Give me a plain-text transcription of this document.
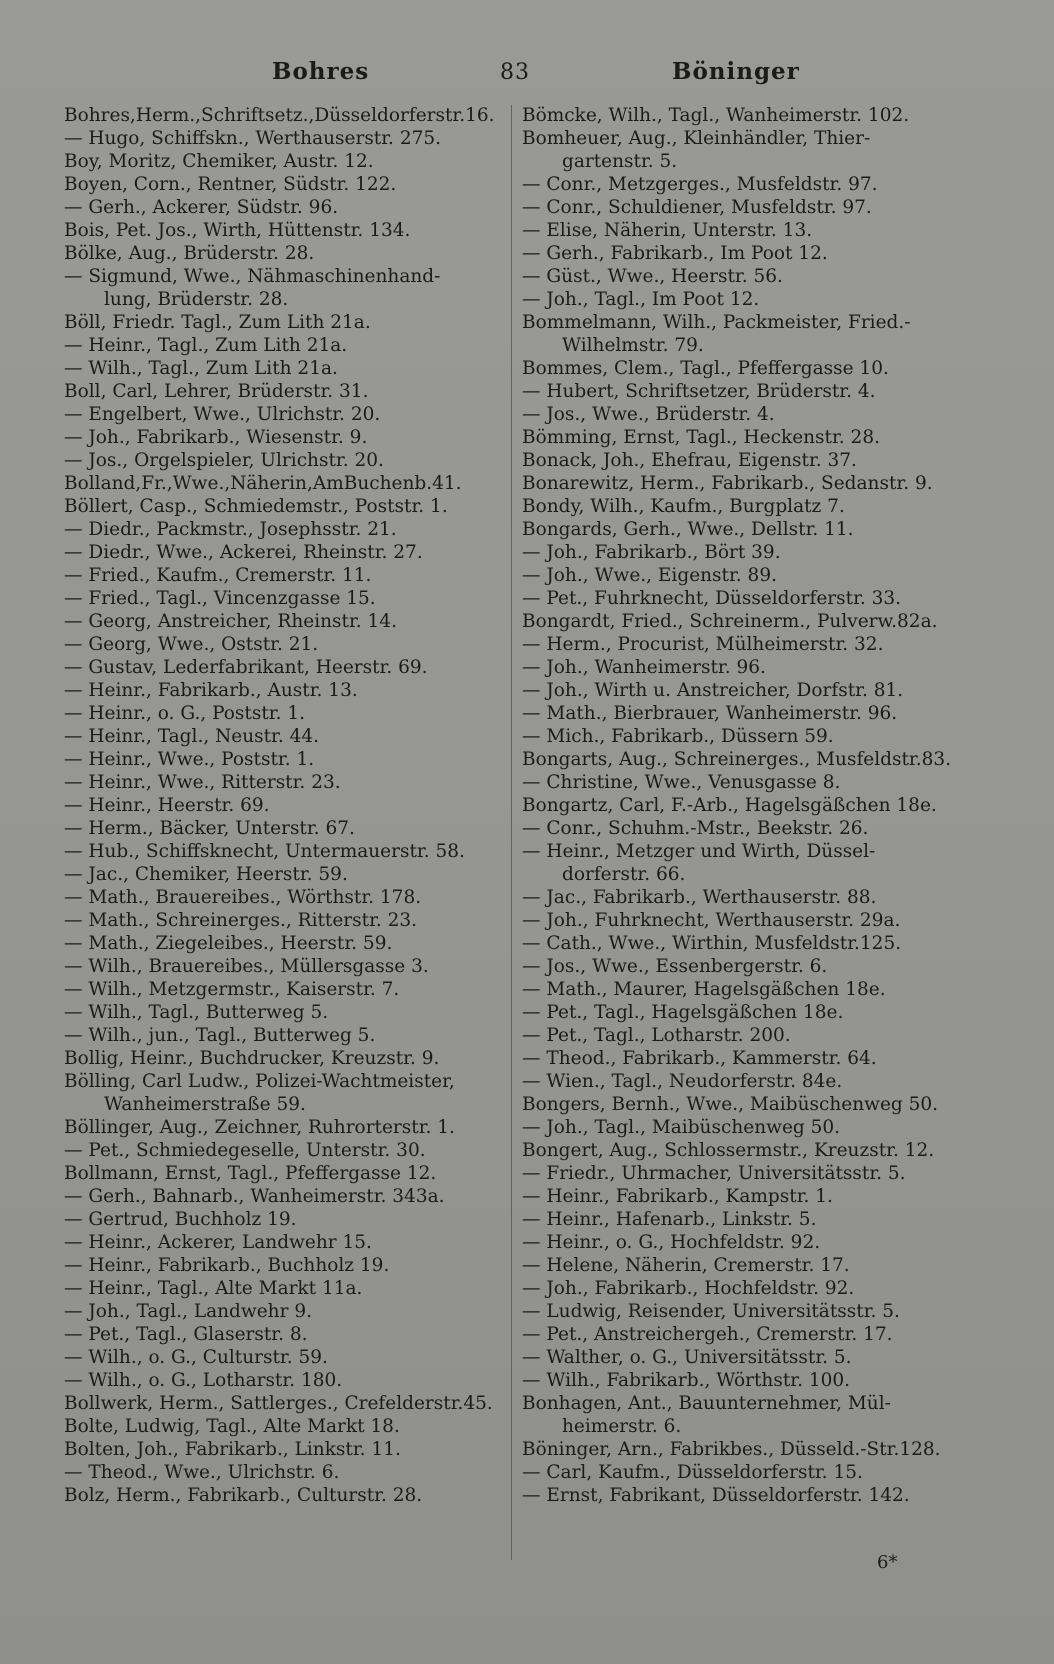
Bohres	83	Böninger
Bohres,Herm.,Schriftsetz.,Düsseldorferstr.16.
— Hugo, Schiffskn., Werthauserstr. 275.
Boy, Moritz, Chemiker, Austr. 12.
Boyen, Corn., Rentner, Südstr. 122.
— Gerh., Ackerer, Südstr. 96.
Bois, Pet. Jos., Wirth, Hüttenstr. 134.
Bölke, Aug., Brüderstr. 28.
— Sigmund, Wwe., Nähmaschinenhand-
lung, Brüderstr. 28.
Böll, Friedr. Tagl., Zum Lith 21a.
— Heinr., Tagl., Zum Lith 21a.
— Wilh., Tagl., Zum Lith 21a.
Boll, Carl, Lehrer, Brüderstr. 31.
— Engelbert, Wwe., Ulrichstr. 20.
— Joh., Fabrikarb., Wiesenstr. 9.
— Jos., Orgelspieler, Ulrichstr. 20.
Bolland,Fr.,Wwe.,Näherin,AmBuchenb.41.
Böllert, Casp., Schmiedemstr., Poststr. 1.
— Diedr., Packmstr., Josephsstr. 21.
— Diedr., Wwe., Ackerei, Rheinstr. 27.
— Fried., Kaufm., Cremerstr. 11.
— Fried., Tagl., Vincenzgasse 15.
— Georg, Anstreicher, Rheinstr. 14.
— Georg, Wwe., Oststr. 21.
— Gustav, Lederfabrikant, Heerstr. 69.
— Heinr., Fabrikarb., Austr. 13.
— Heinr., o. G., Poststr. 1.
— Heinr., Tagl., Neustr. 44.
— Heinr., Wwe., Poststr. 1.
— Heinr., Wwe., Ritterstr. 23.
— Heinr., Heerstr. 69.
— Herm., Bäcker, Unterstr. 67.
— Hub., Schiffsknecht, Untermauerstr. 58.
— Jac., Chemiker, Heerstr. 59.
— Math., Brauereibes., Wörthstr. 178.
— Math., Schreinerges., Ritterstr. 23.
— Math., Ziegeleibes., Heerstr. 59.
— Wilh., Brauereibes., Müllersgasse 3.
— Wilh., Metzgermstr., Kaiserstr. 7.
— Wilh., Tagl., Butterweg 5.
— Wilh., jun., Tagl., Butterweg 5.
Bollig, Heinr., Buchdrucker, Kreuzstr. 9.
Bölling, Carl Ludw., Polizei-Wachtmeister,
Wanheimerstraße 59.
Böllinger, Aug., Zeichner, Ruhrorterstr. 1.
— Pet., Schmiedegeselle, Unterstr. 30.
Bollmann, Ernst, Tagl., Pfeffergasse 12.
— Gerh., Bahnarb., Wanheimerstr. 343a.
— Gertrud, Buchholz 19.
— Heinr., Ackerer, Landwehr 15.
— Heinr., Fabrikarb., Buchholz 19.
— Heinr., Tagl., Alte Markt 11a.
— Joh., Tagl., Landwehr 9.
— Pet., Tagl., Glaserstr. 8.
— Wilh., o. G., Culturstr. 59.
— Wilh., o. G., Lotharstr. 180.
Bollwerk, Herm., Sattlerges., Crefelderstr.45.
Bolte, Ludwig, Tagl., Alte Markt 18.
Bolten, Joh., Fabrikarb., Linkstr. 11.
— Theod., Wwe., Ulrichstr. 6.
Bolz, Herm., Fabrikarb., Culturstr. 28.
Bömcke, Wilh., Tagl., Wanheimerstr. 102.
Bomheuer, Aug., Kleinhändler, Thier-
gartenstr. 5.
— Conr., Metzgerges., Musfeldstr. 97.
— Conr., Schuldiener, Musfeldstr. 97.
— Elise, Näherin, Unterstr. 13.
— Gerh., Fabrikarb., Im Poot 12.
— Güst., Wwe., Heerstr. 56.
— Joh., Tagl., Im Poot 12.
Bommelmann, Wilh., Packmeister, Fried.-
Wilhelmstr. 79.
Bommes, Clem., Tagl., Pfeffergasse 10.
— Hubert, Schriftsetzer, Brüderstr. 4.
— Jos., Wwe., Brüderstr. 4.
Bömming, Ernst, Tagl., Heckenstr. 28.
Bonack, Joh., Ehefrau, Eigenstr. 37.
Bonarewitz, Herm., Fabrikarb., Sedanstr. 9.
Bondy, Wilh., Kaufm., Burgplatz 7.
Bongards, Gerh., Wwe., Dellstr. 11.
— Joh., Fabrikarb., Bört 39.
— Joh., Wwe., Eigenstr. 89.
— Pet., Fuhrknecht, Düsseldorferstr. 33.
Bongardt, Fried., Schreinerm., Pulverw.82a.
— Herm., Procurist, Mülheimerstr. 32.
— Joh., Wanheimerstr. 96.
— Joh., Wirth u. Anstreicher, Dorfstr. 81.
— Math., Bierbrauer, Wanheimerstr. 96.
— Mich., Fabrikarb., Düssern 59.
Bongarts, Aug., Schreinerges., Musfeldstr.83.
— Christine, Wwe., Venusgasse 8.
Bongartz, Carl, F.-Arb., Hagelsgäßchen 18e.
— Conr., Schuhm.-Mstr., Beekstr. 26.
— Heinr., Metzger und Wirth, Düssel-
dorferstr. 66.
— Jac., Fabrikarb., Werthauserstr. 88.
— Joh., Fuhrknecht, Werthauserstr. 29a.
— Cath., Wwe., Wirthin, Musfeldstr.125.
— Jos., Wwe., Essenbergerstr. 6.
— Math., Maurer, Hagelsgäßchen 18e.
— Pet., Tagl., Hagelsgäßchen 18e.
— Pet., Tagl., Lotharstr. 200.
— Theod., Fabrikarb., Kammerstr. 64.
— Wien., Tagl., Neudorferstr. 84e.
Bongers, Bernh., Wwe., Maibüschenweg 50.
— Joh., Tagl., Maibüschenweg 50.
Bongert, Aug., Schlossermstr., Kreuzstr. 12.
— Friedr., Uhrmacher, Universitätsstr. 5.
— Heinr., Fabrikarb., Kampstr. 1.
— Heinr., Hafenarb., Linkstr. 5.
— Heinr., o. G., Hochfeldstr. 92.
— Helene, Näherin, Cremerstr. 17.
— Joh., Fabrikarb., Hochfeldstr. 92.
— Ludwig, Reisender, Universitätsstr. 5.
— Pet., Anstreichergeh., Cremerstr. 17.
— Walther, o. G., Universitätsstr. 5.
— Wilh., Fabrikarb., Wörthstr. 100.
Bonhagen, Ant., Bauunternehmer, Mül-
heimerstr. 6.
Böninger, Arn., Fabrikbes., Düsseld.-Str.128.
— Carl, Kaufm., Düsseldorferstr. 15.
— Ernst, Fabrikant, Düsseldorferstr. 142.
6*
